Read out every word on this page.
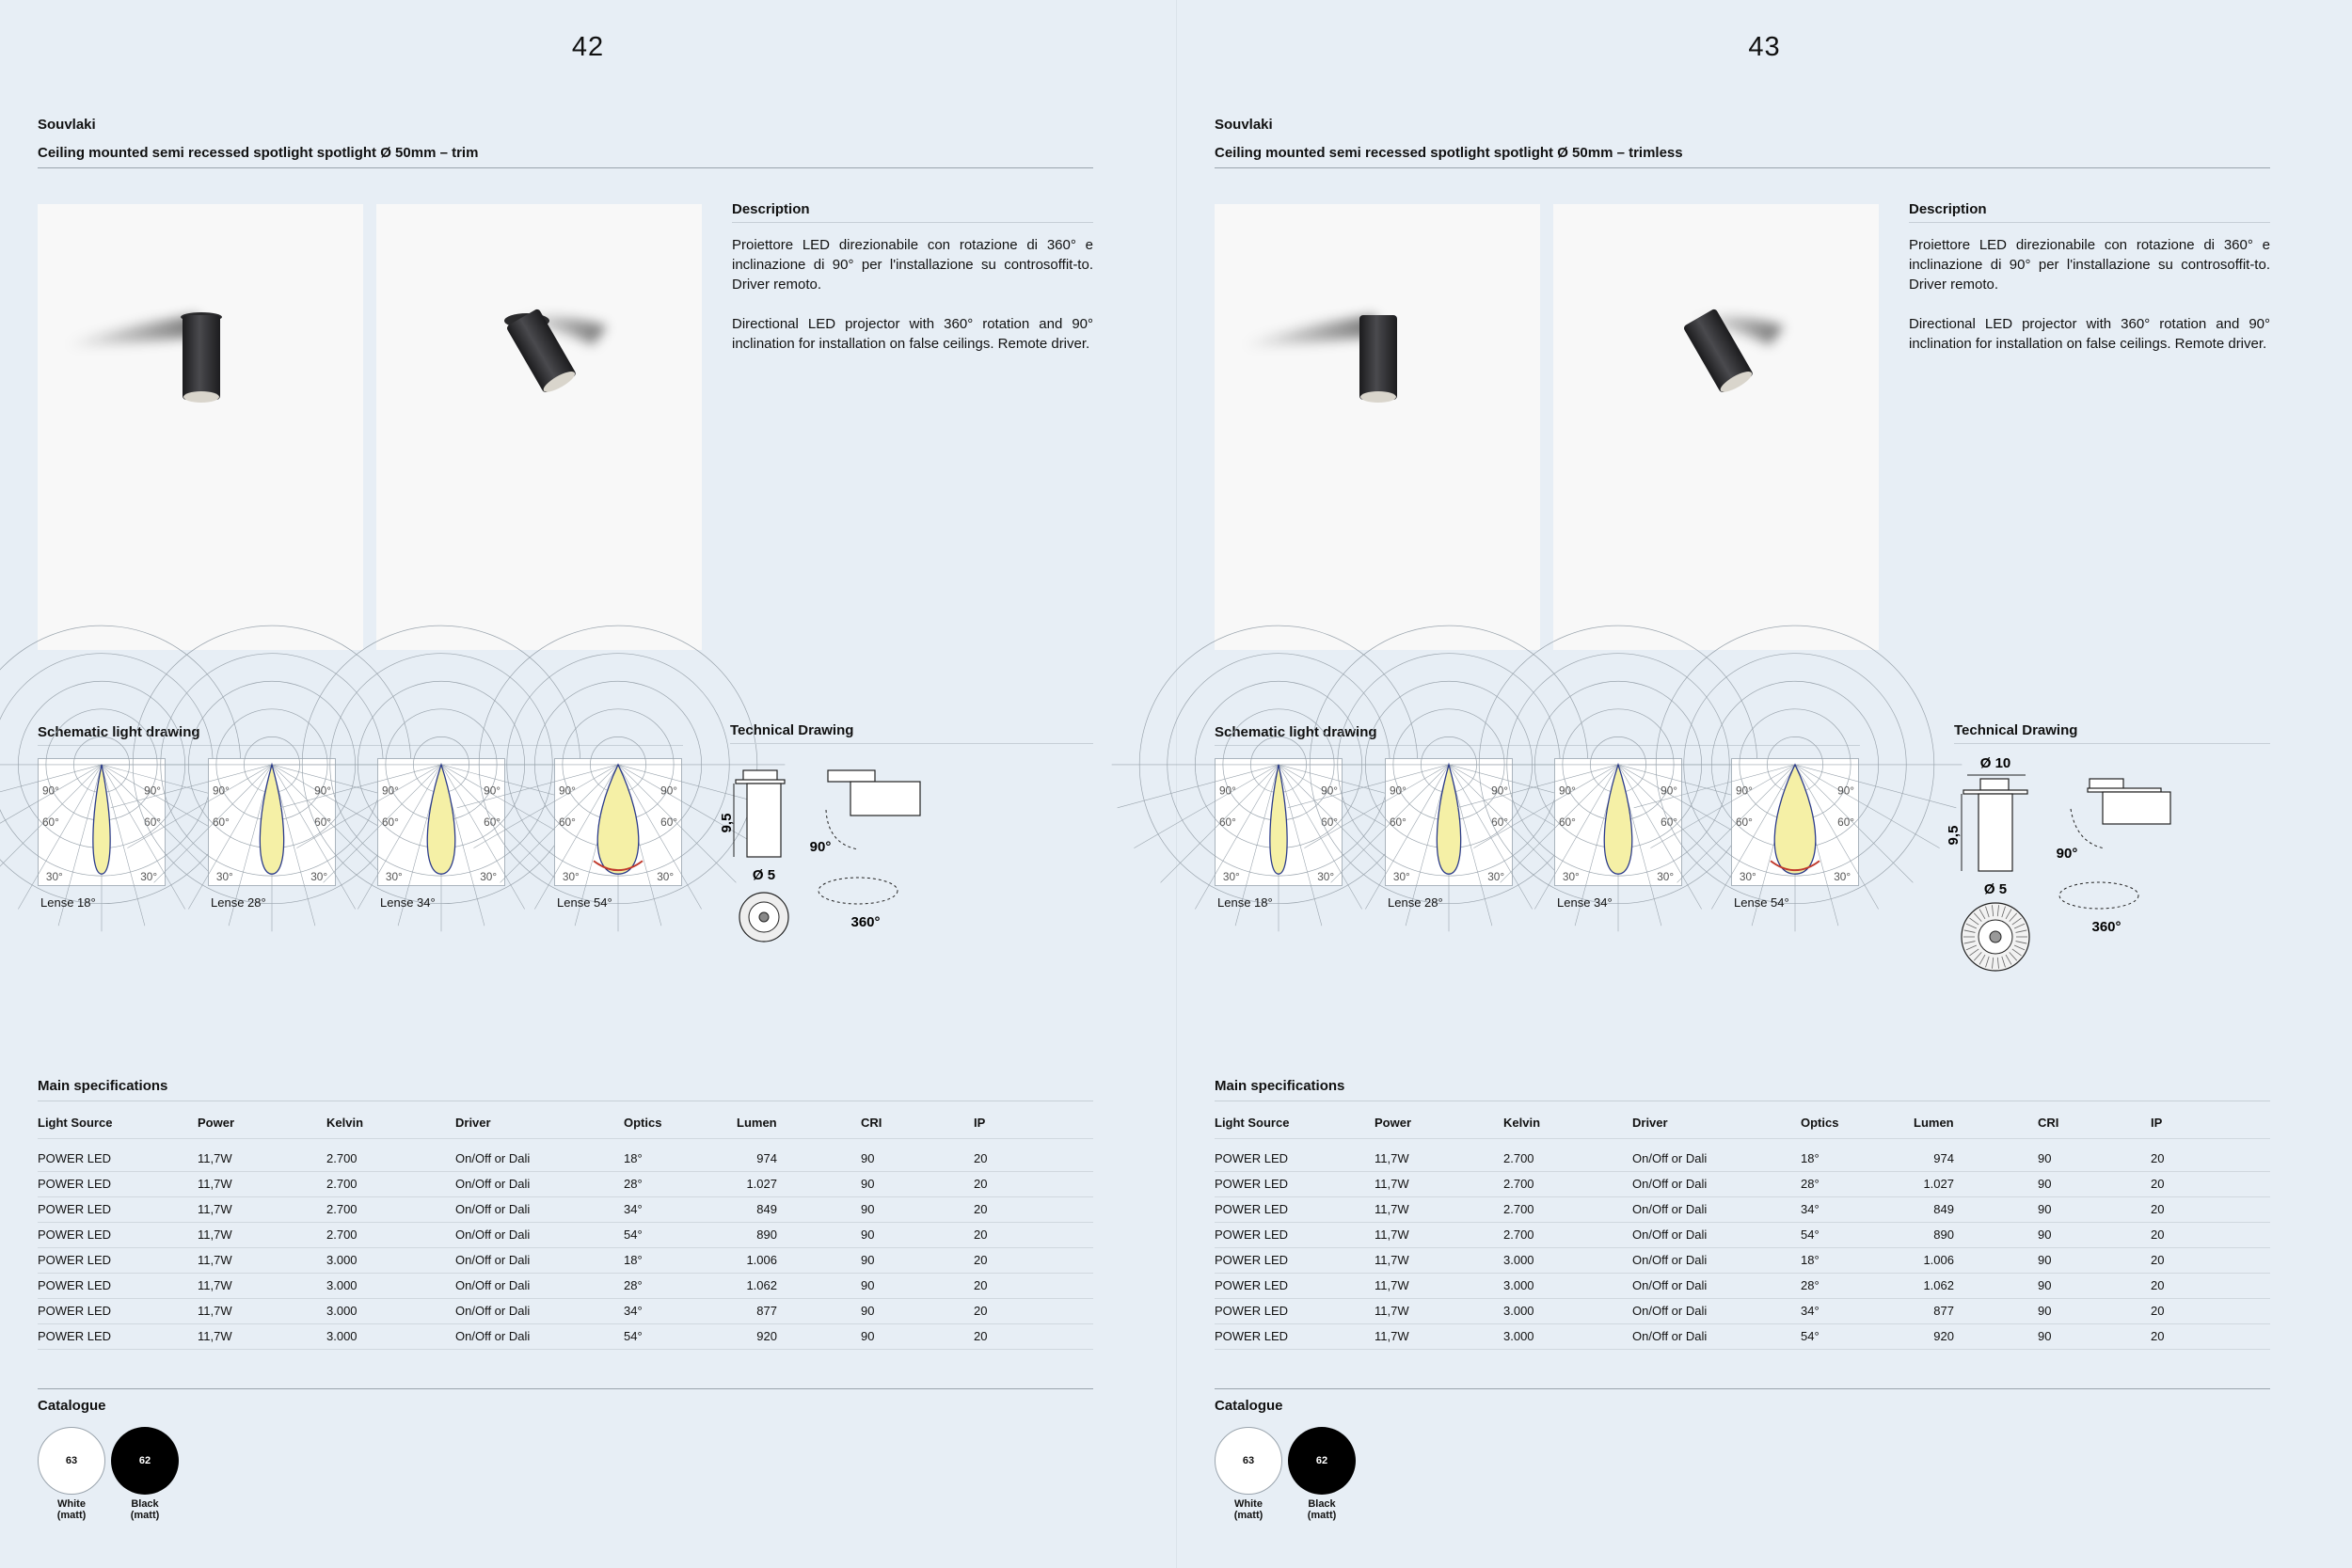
42
Souvlaki
Ceiling mounted semi recessed spotlight spotlight Ø 50mm – trim
Description

Proiettore LED direzionabile con rotazione di 360° e inclinazione di 90° per l'installazione su controsoffit-to. Driver remoto.

Directional LED projector with 360° rotation and 90° inclination for installation on false ceilings. Remote driver.

Schematic light drawing
90°	90°
60°	60°
30°	30°
Lense 18°
90°	90°
60°	60°
30°	30°
Lense 28°
90°	90°
60°	60°
30°	30°
Lense 34°
90°	90°
60°	60°
30°	30°
Lense 54°
Technical Drawing
9,5
Ø 5
90°
360°
Main specifications
Light Source	Power	Kelvin	Driver	Optics	Lumen	CRI	IP
POWER LED	11,7W	2.700	On/Off or Dali	18°	974	90	20
POWER LED	11,7W	2.700	On/Off or Dali	28°	1.027	90	20
POWER LED	11,7W	2.700	On/Off or Dali	34°	849	90	20
POWER LED	11,7W	2.700	On/Off or Dali	54°	890	90	20
POWER LED	11,7W	3.000	On/Off or Dali	18°	1.006	90	20
POWER LED	11,7W	3.000	On/Off or Dali	28°	1.062	90	20
POWER LED	11,7W	3.000	On/Off or Dali	34°	877	90	20
POWER LED	11,7W	3.000	On/Off or Dali	54°	920	90	20
Catalogue
63
White
(matt)
62
Black
(matt)
43
Souvlaki
Ceiling mounted semi recessed spotlight spotlight Ø 50mm – trimless
Description

Proiettore LED direzionabile con rotazione di 360° e inclinazione di 90° per l'installazione su controsoffit-to. Driver remoto.

Directional LED projector with 360° rotation and 90° inclination for installation on false ceilings. Remote driver.

Schematic light drawing
90°	90°
60°	60°
30°	30°
Lense 18°
90°	90°
60°	60°
30°	30°
Lense 28°
90°	90°
60°	60°
30°	30°
Lense 34°
90°	90°
60°	60°
30°	30°
Lense 54°
Technical Drawing
Ø 10
9,5
Ø 5
90°
360°
Main specifications
Light Source	Power	Kelvin	Driver	Optics	Lumen	CRI	IP
POWER LED	11,7W	2.700	On/Off or Dali	18°	974	90	20
POWER LED	11,7W	2.700	On/Off or Dali	28°	1.027	90	20
POWER LED	11,7W	2.700	On/Off or Dali	34°	849	90	20
POWER LED	11,7W	2.700	On/Off or Dali	54°	890	90	20
POWER LED	11,7W	3.000	On/Off or Dali	18°	1.006	90	20
POWER LED	11,7W	3.000	On/Off or Dali	28°	1.062	90	20
POWER LED	11,7W	3.000	On/Off or Dali	34°	877	90	20
POWER LED	11,7W	3.000	On/Off or Dali	54°	920	90	20
Catalogue
63
White
(matt)
62
Black
(matt)
